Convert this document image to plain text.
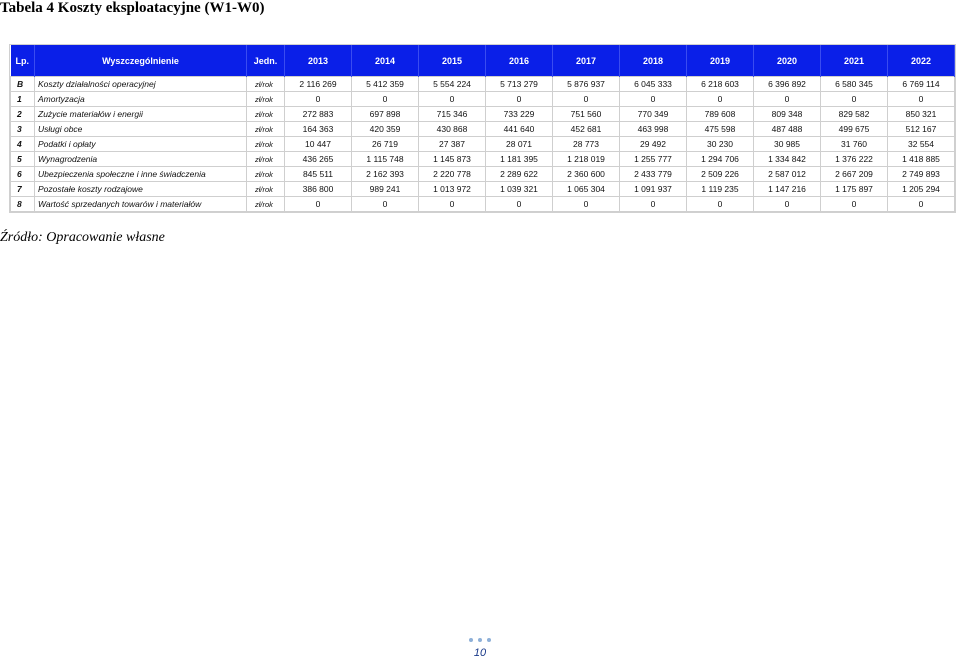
Tabela 4 Koszty eksploatacyjne (W1-W0)
Lp.	Wyszczególnienie	Jedn.	2013	2014	2015	2016	2017	2018	2019	2020	2021	2022
B	Koszty działalności operacyjnej	zł/rok	2 116 269	5 412 359	5 554 224	5 713 279	5 876 937	6 045 333	6 218 603	6 396 892	6 580 345	6 769 114
1	Amortyzacja	zł/rok	0	0	0	0	0	0	0	0	0	0
2	Zużycie materiałów i energii	zł/rok	272 883	697 898	715 346	733 229	751 560	770 349	789 608	809 348	829 582	850 321
3	Usługi obce	zł/rok	164 363	420 359	430 868	441 640	452 681	463 998	475 598	487 488	499 675	512 167
4	Podatki i opłaty	zł/rok	10 447	26 719	27 387	28 071	28 773	29 492	30 230	30 985	31 760	32 554
5	Wynagrodzenia	zł/rok	436 265	1 115 748	1 145 873	1 181 395	1 218 019	1 255 777	1 294 706	1 334 842	1 376 222	1 418 885
6	Ubezpieczenia społeczne i inne świadczenia	zł/rok	845 511	2 162 393	2 220 778	2 289 622	2 360 600	2 433 779	2 509 226	2 587 012	2 667 209	2 749 893
7	Pozostałe koszty rodzajowe	zł/rok	386 800	989 241	1 013 972	1 039 321	1 065 304	1 091 937	1 119 235	1 147 216	1 175 897	1 205 294
8	Wartość sprzedanych towarów i materiałów	zł/rok	0	0	0	0	0	0	0	0	0	0
Źródło: Opracowanie własne
10
